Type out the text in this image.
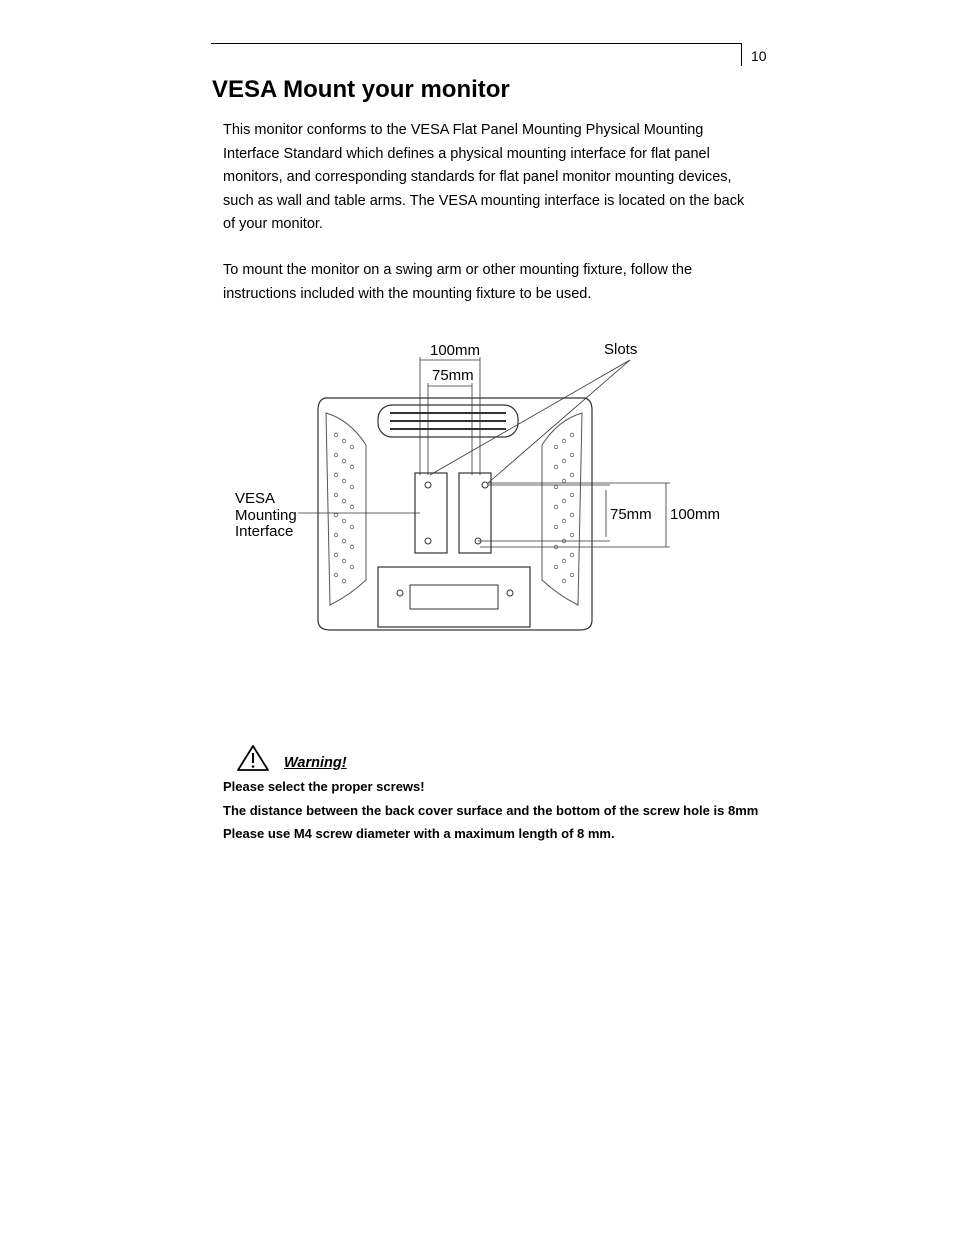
10
VESA Mount your monitor

This monitor conforms to the VESA Flat Panel Mounting Physical Mounting Interface Standard which defines a physical mounting interface for flat panel monitors, and corresponding standards for flat panel monitor mounting devices, such as wall and table arms. The VESA mounting interface is located on the back of your monitor.

To mount the monitor on a swing arm or other mounting fixture, follow the instructions included with the mounting fixture to be used.

100mm
75mm
Slots
VESA
Mounting
Interface
75mm 100mm
Warning!

Please select the proper screws!

The distance between the back cover surface and the bottom of the screw hole is 8mm Please use M4 screw diameter with a maximum length of 8 mm.
